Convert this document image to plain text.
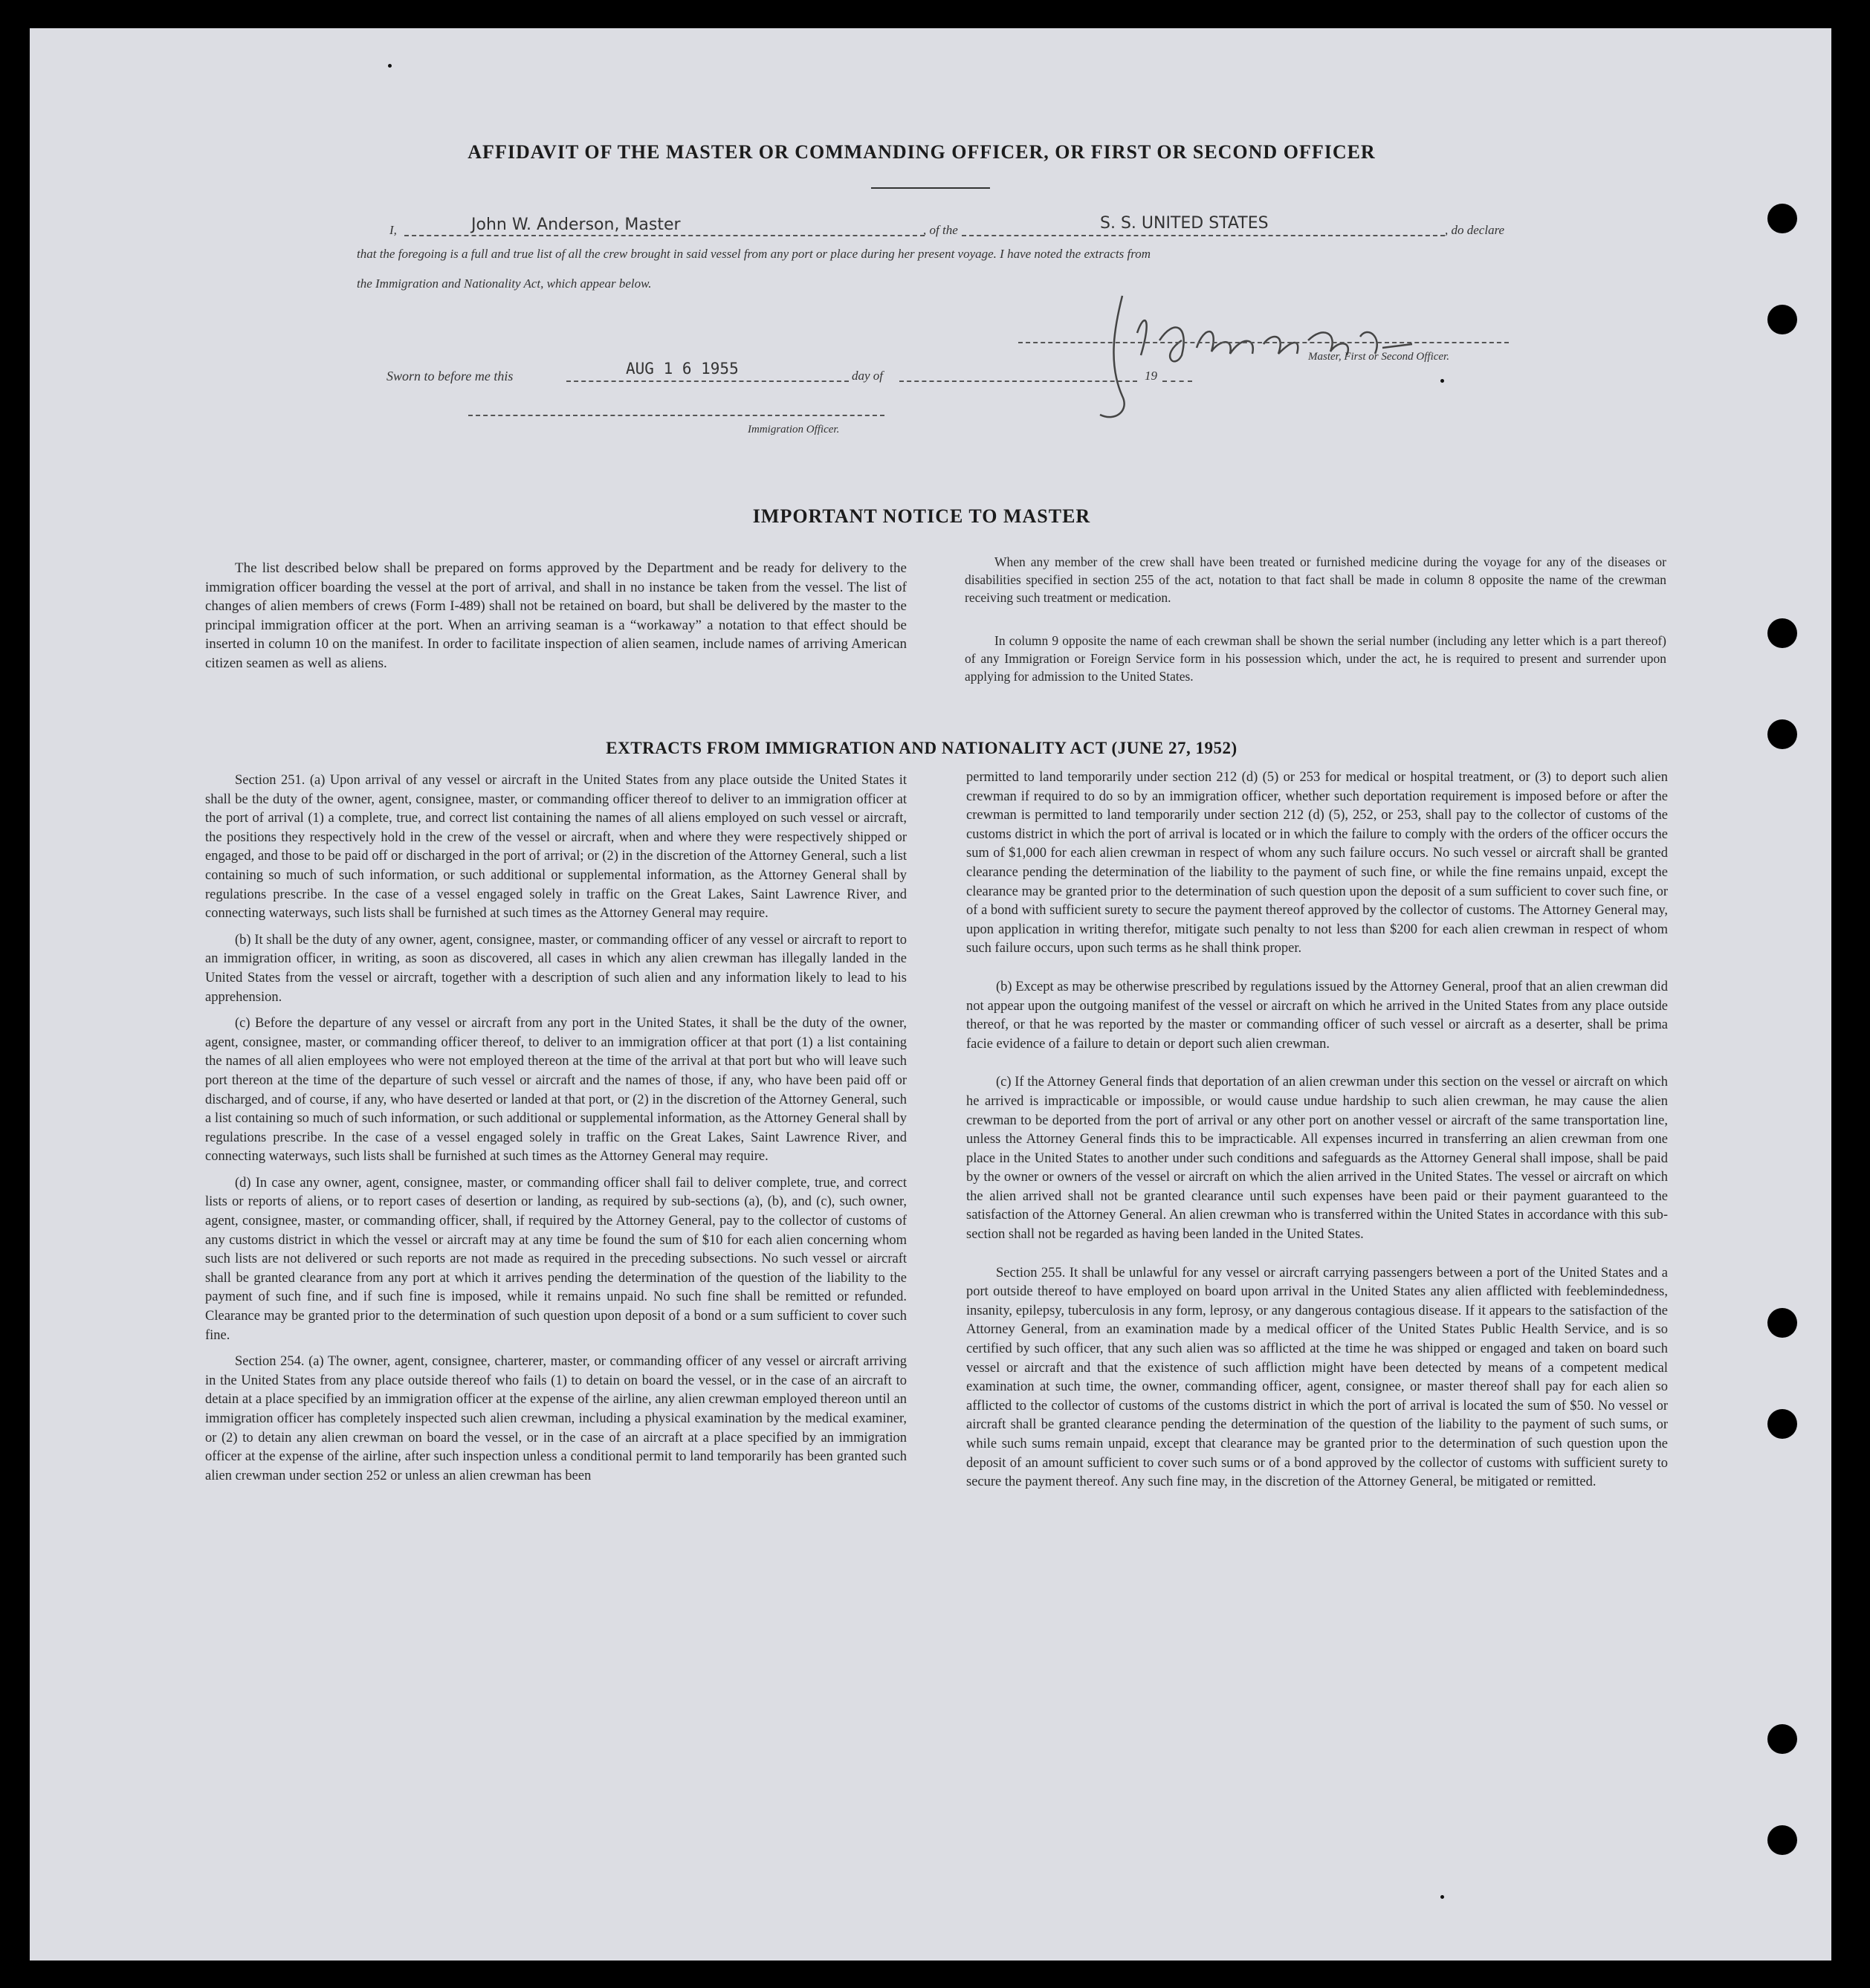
AFFIDAVIT OF THE MASTER OR COMMANDING OFFICER, OR FIRST OR SECOND OFFICER
I,	John W. Anderson, Master	, of the	S. S. UNITED STATES	, do declare
that the foregoing is a full and true list of all the crew brought in said vessel from any port or place during her present voyage. I have noted the extracts from
the Immigration and Nationality Act, which appear below.
Master, First or Second Officer.
Sworn to before me this	AUG 1 6 1955	day of	19
Immigration Officer.
IMPORTANT NOTICE TO MASTER

The list described below shall be prepared on forms approved by the Department and be ready for delivery to the immigration officer boarding the vessel at the port of arrival, and shall in no instance be taken from the vessel. The list of changes of alien members of crews (Form I-489) shall not be retained on board, but shall be delivered by the master to the principal immigration officer at the port. When an arriving seaman is a “workaway” a notation to that effect should be inserted in column 10 on the manifest. In order to facilitate inspection of alien seamen, include names of arriving American citizen seamen as well as aliens.

When any member of the crew shall have been treated or furnished medicine during the voyage for any of the diseases or disabilities specified in section 255 of the act, notation to that fact shall be made in column 8 opposite the name of the crewman receiving such treatment or medication.

In column 9 opposite the name of each crewman shall be shown the serial number (including any letter which is a part thereof) of any Immigration or Foreign Service form in his possession which, under the act, he is required to present and surrender upon applying for admission to the United States.

EXTRACTS FROM IMMIGRATION AND NATIONALITY ACT (JUNE 27, 1952)

Section 251. (a) Upon arrival of any vessel or aircraft in the United States from any place outside the United States it shall be the duty of the owner, agent, consignee, master, or commanding officer thereof to deliver to an immigration officer at the port of arrival (1) a complete, true, and correct list containing the names of all aliens employed on such vessel or aircraft, the positions they respectively hold in the crew of the vessel or aircraft, when and where they were respectively shipped or engaged, and those to be paid off or discharged in the port of arrival; or (2) in the discretion of the Attorney General, such a list containing so much of such information, or such additional or supplemental information, as the Attorney General shall by regulations prescribe. In the case of a vessel engaged solely in traffic on the Great Lakes, Saint Lawrence River, and connecting waterways, such lists shall be furnished at such times as the Attorney General may require.

(b) It shall be the duty of any owner, agent, consignee, master, or commanding officer of any vessel or aircraft to report to an immigration officer, in writing, as soon as discovered, all cases in which any alien crewman has illegally landed in the United States from the vessel or aircraft, together with a description of such alien and any information likely to lead to his apprehension.

(c) Before the departure of any vessel or aircraft from any port in the United States, it shall be the duty of the owner, agent, consignee, master, or commanding officer thereof, to deliver to an immigration officer at that port (1) a list containing the names of all alien employees who were not employed thereon at the time of the arrival at that port but who will leave such port thereon at the time of the departure of such vessel or aircraft and the names of those, if any, who have been paid off or discharged, and of course, if any, who have deserted or landed at that port, or (2) in the discretion of the Attorney General, such a list containing so much of such information, or such additional or supplemental information, as the Attorney General shall by regulations prescribe. In the case of a vessel engaged solely in traffic on the Great Lakes, Saint Lawrence River, and connecting waterways, such lists shall be furnished at such times as the Attorney General may require.

(d) In case any owner, agent, consignee, master, or commanding officer shall fail to deliver complete, true, and correct lists or reports of aliens, or to report cases of desertion or landing, as required by sub-sections (a), (b), and (c), such owner, agent, consignee, master, or commanding officer, shall, if required by the Attorney General, pay to the collector of customs of any customs district in which the vessel or aircraft may at any time be found the sum of $10 for each alien concerning whom such lists are not delivered or such reports are not made as required in the preceding subsections. No such vessel or aircraft shall be granted clearance from any port at which it arrives pending the determination of the question of the liability to the payment of such fine, and if such fine is imposed, while it remains unpaid. No such fine shall be remitted or refunded. Clearance may be granted prior to the determination of such question upon deposit of a bond or a sum sufficient to cover such fine.

Section 254. (a) The owner, agent, consignee, charterer, master, or commanding officer of any vessel or aircraft arriving in the United States from any place outside thereof who fails (1) to detain on board the vessel, or in the case of an aircraft to detain at a place specified by an immigration officer at the expense of the airline, any alien crewman employed thereon until an immigration officer has completely inspected such alien crewman, including a physical examination by the medical examiner, or (2) to detain any alien crewman on board the vessel, or in the case of an aircraft at a place specified by an immigration officer at the expense of the airline, after such inspection unless a conditional permit to land temporarily has been granted such alien crewman under section 252 or unless an alien crewman has been

permitted to land temporarily under section 212 (d) (5) or 253 for medical or hospital treatment, or (3) to deport such alien crewman if required to do so by an immigration officer, whether such deportation requirement is imposed before or after the crewman is permitted to land temporarily under section 212 (d) (5), 252, or 253, shall pay to the collector of customs of the customs district in which the port of arrival is located or in which the failure to comply with the orders of the officer occurs the sum of $1,000 for each alien crewman in respect of whom any such failure occurs. No such vessel or aircraft shall be granted clearance pending the determination of the liability to the payment of such fine, or while the fine remains unpaid, except the clearance may be granted prior to the determination of such question upon the deposit of a sum sufficient to cover such fine, or of a bond with sufficient surety to secure the payment thereof approved by the collector of customs. The Attorney General may, upon application in writing therefor, mitigate such penalty to not less than $200 for each alien crewman in respect of whom such failure occurs, upon such terms as he shall think proper.

(b) Except as may be otherwise prescribed by regulations issued by the Attorney General, proof that an alien crewman did not appear upon the outgoing manifest of the vessel or aircraft on which he arrived in the United States from any place outside thereof, or that he was reported by the master or commanding officer of such vessel or aircraft as a deserter, shall be prima facie evidence of a failure to detain or deport such alien crewman.

(c) If the Attorney General finds that deportation of an alien crewman under this section on the vessel or aircraft on which he arrived is impracticable or impossible, or would cause undue hardship to such alien crewman, he may cause the alien crewman to be deported from the port of arrival or any other port on another vessel or aircraft of the same transportation line, unless the Attorney General finds this to be impracticable. All expenses incurred in transferring an alien crewman from one place in the United States to another under such conditions and safeguards as the Attorney General shall impose, shall be paid by the owner or owners of the vessel or aircraft on which the alien arrived in the United States. The vessel or aircraft on which the alien arrived shall not be granted clearance until such expenses have been paid or their payment guaranteed to the satisfaction of the Attorney General. An alien crewman who is transferred within the United States in accordance with this sub-section shall not be regarded as having been landed in the United States.

Section 255. It shall be unlawful for any vessel or aircraft carrying passengers between a port of the United States and a port outside thereof to have employed on board upon arrival in the United States any alien afflicted with feeblemindedness, insanity, epilepsy, tuberculosis in any form, leprosy, or any dangerous contagious disease. If it appears to the satisfaction of the Attorney General, from an examination made by a medical officer of the United States Public Health Service, and is so certified by such officer, that any such alien was so afflicted at the time he was shipped or engaged and taken on board such vessel or aircraft and that the existence of such affliction might have been detected by means of a competent medical examination at such time, the owner, commanding officer, agent, consignee, or master thereof shall pay for each alien so afflicted to the collector of customs of the customs district in which the port of arrival is located the sum of $50. No vessel or aircraft shall be granted clearance pending the determination of the question of the liability to the payment of such sums, or while such sums remain unpaid, except that clearance may be granted prior to the determination of such question upon the deposit of an amount sufficient to cover such sums or of a bond approved by the collector of customs with sufficient surety to secure the payment thereof. Any such fine may, in the discretion of the Attorney General, be mitigated or remitted.
